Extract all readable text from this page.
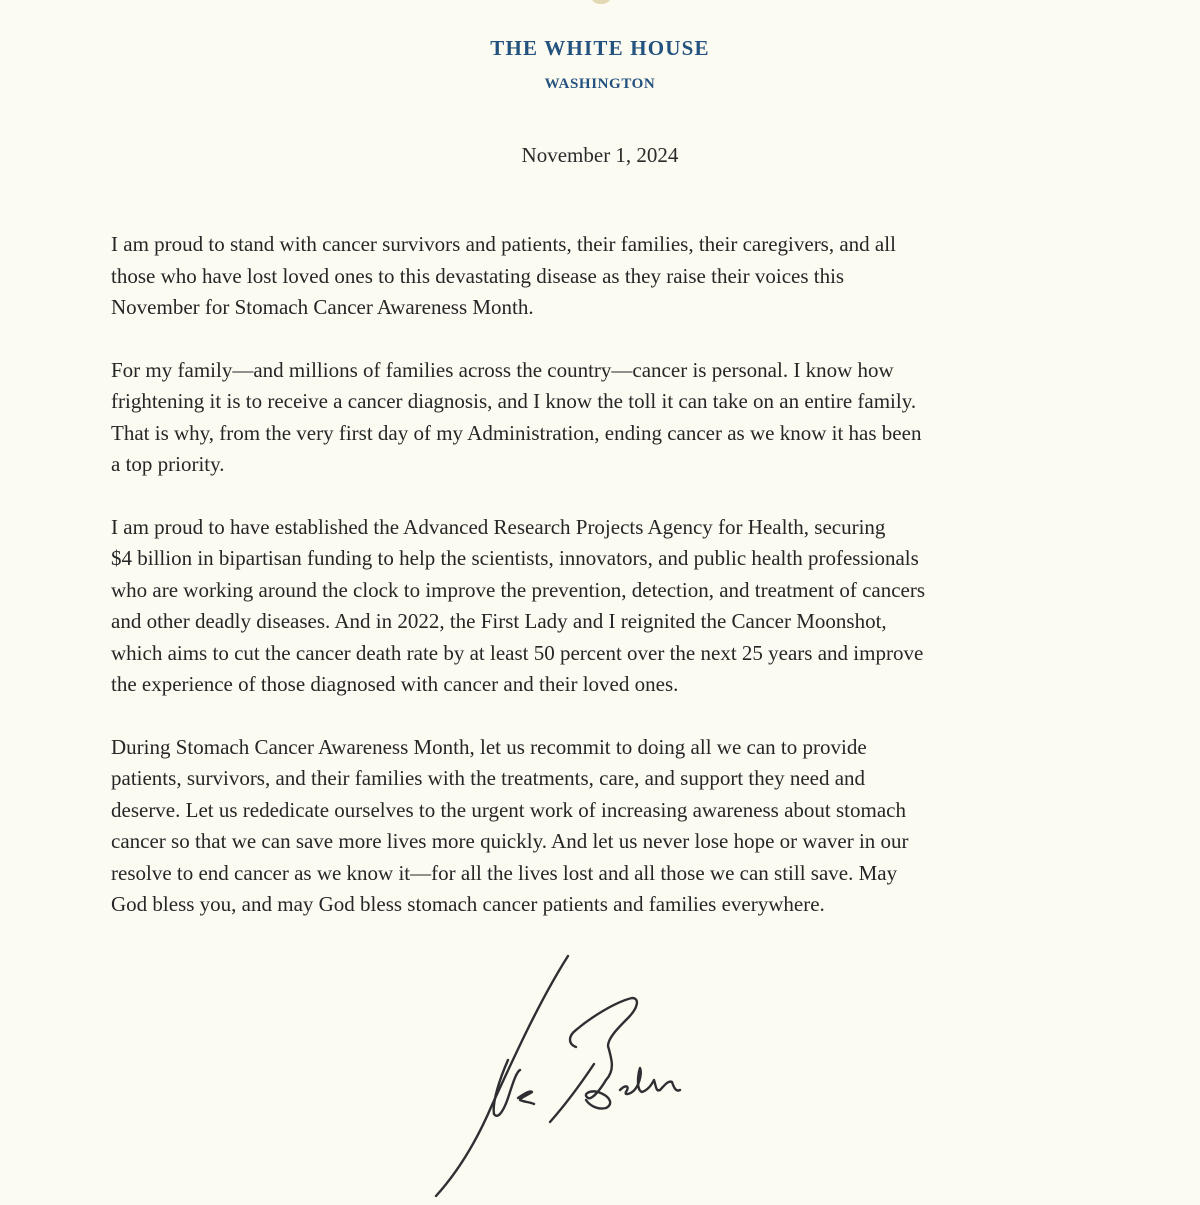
THE WHITE HOUSE
WASHINGTON
November 1, 2024

I am proud to stand with cancer survivors and patients, their families, their caregivers, and all
those who have lost loved ones to this devastating disease as they raise their voices this
November for Stomach Cancer Awareness Month.

For my family—and millions of families across the country—cancer is personal. I know how
frightening it is to receive a cancer diagnosis, and I know the toll it can take on an entire family.
That is why, from the very first day of my Administration, ending cancer as we know it has been
a top priority.

I am proud to have established the Advanced Research Projects Agency for Health, securing
$4 billion in bipartisan funding to help the scientists, innovators, and public health professionals
who are working around the clock to improve the prevention, detection, and treatment of cancers
and other deadly diseases. And in 2022, the First Lady and I reignited the Cancer Moonshot,
which aims to cut the cancer death rate by at least 50 percent over the next 25 years and improve
the experience of those diagnosed with cancer and their loved ones.

During Stomach Cancer Awareness Month, let us recommit to doing all we can to provide
patients, survivors, and their families with the treatments, care, and support they need and
deserve. Let us rededicate ourselves to the urgent work of increasing awareness about stomach
cancer so that we can save more lives more quickly. And let us never lose hope or waver in our
resolve to end cancer as we know it—for all the lives lost and all those we can still save. May
God bless you, and may God bless stomach cancer patients and families everywhere.
